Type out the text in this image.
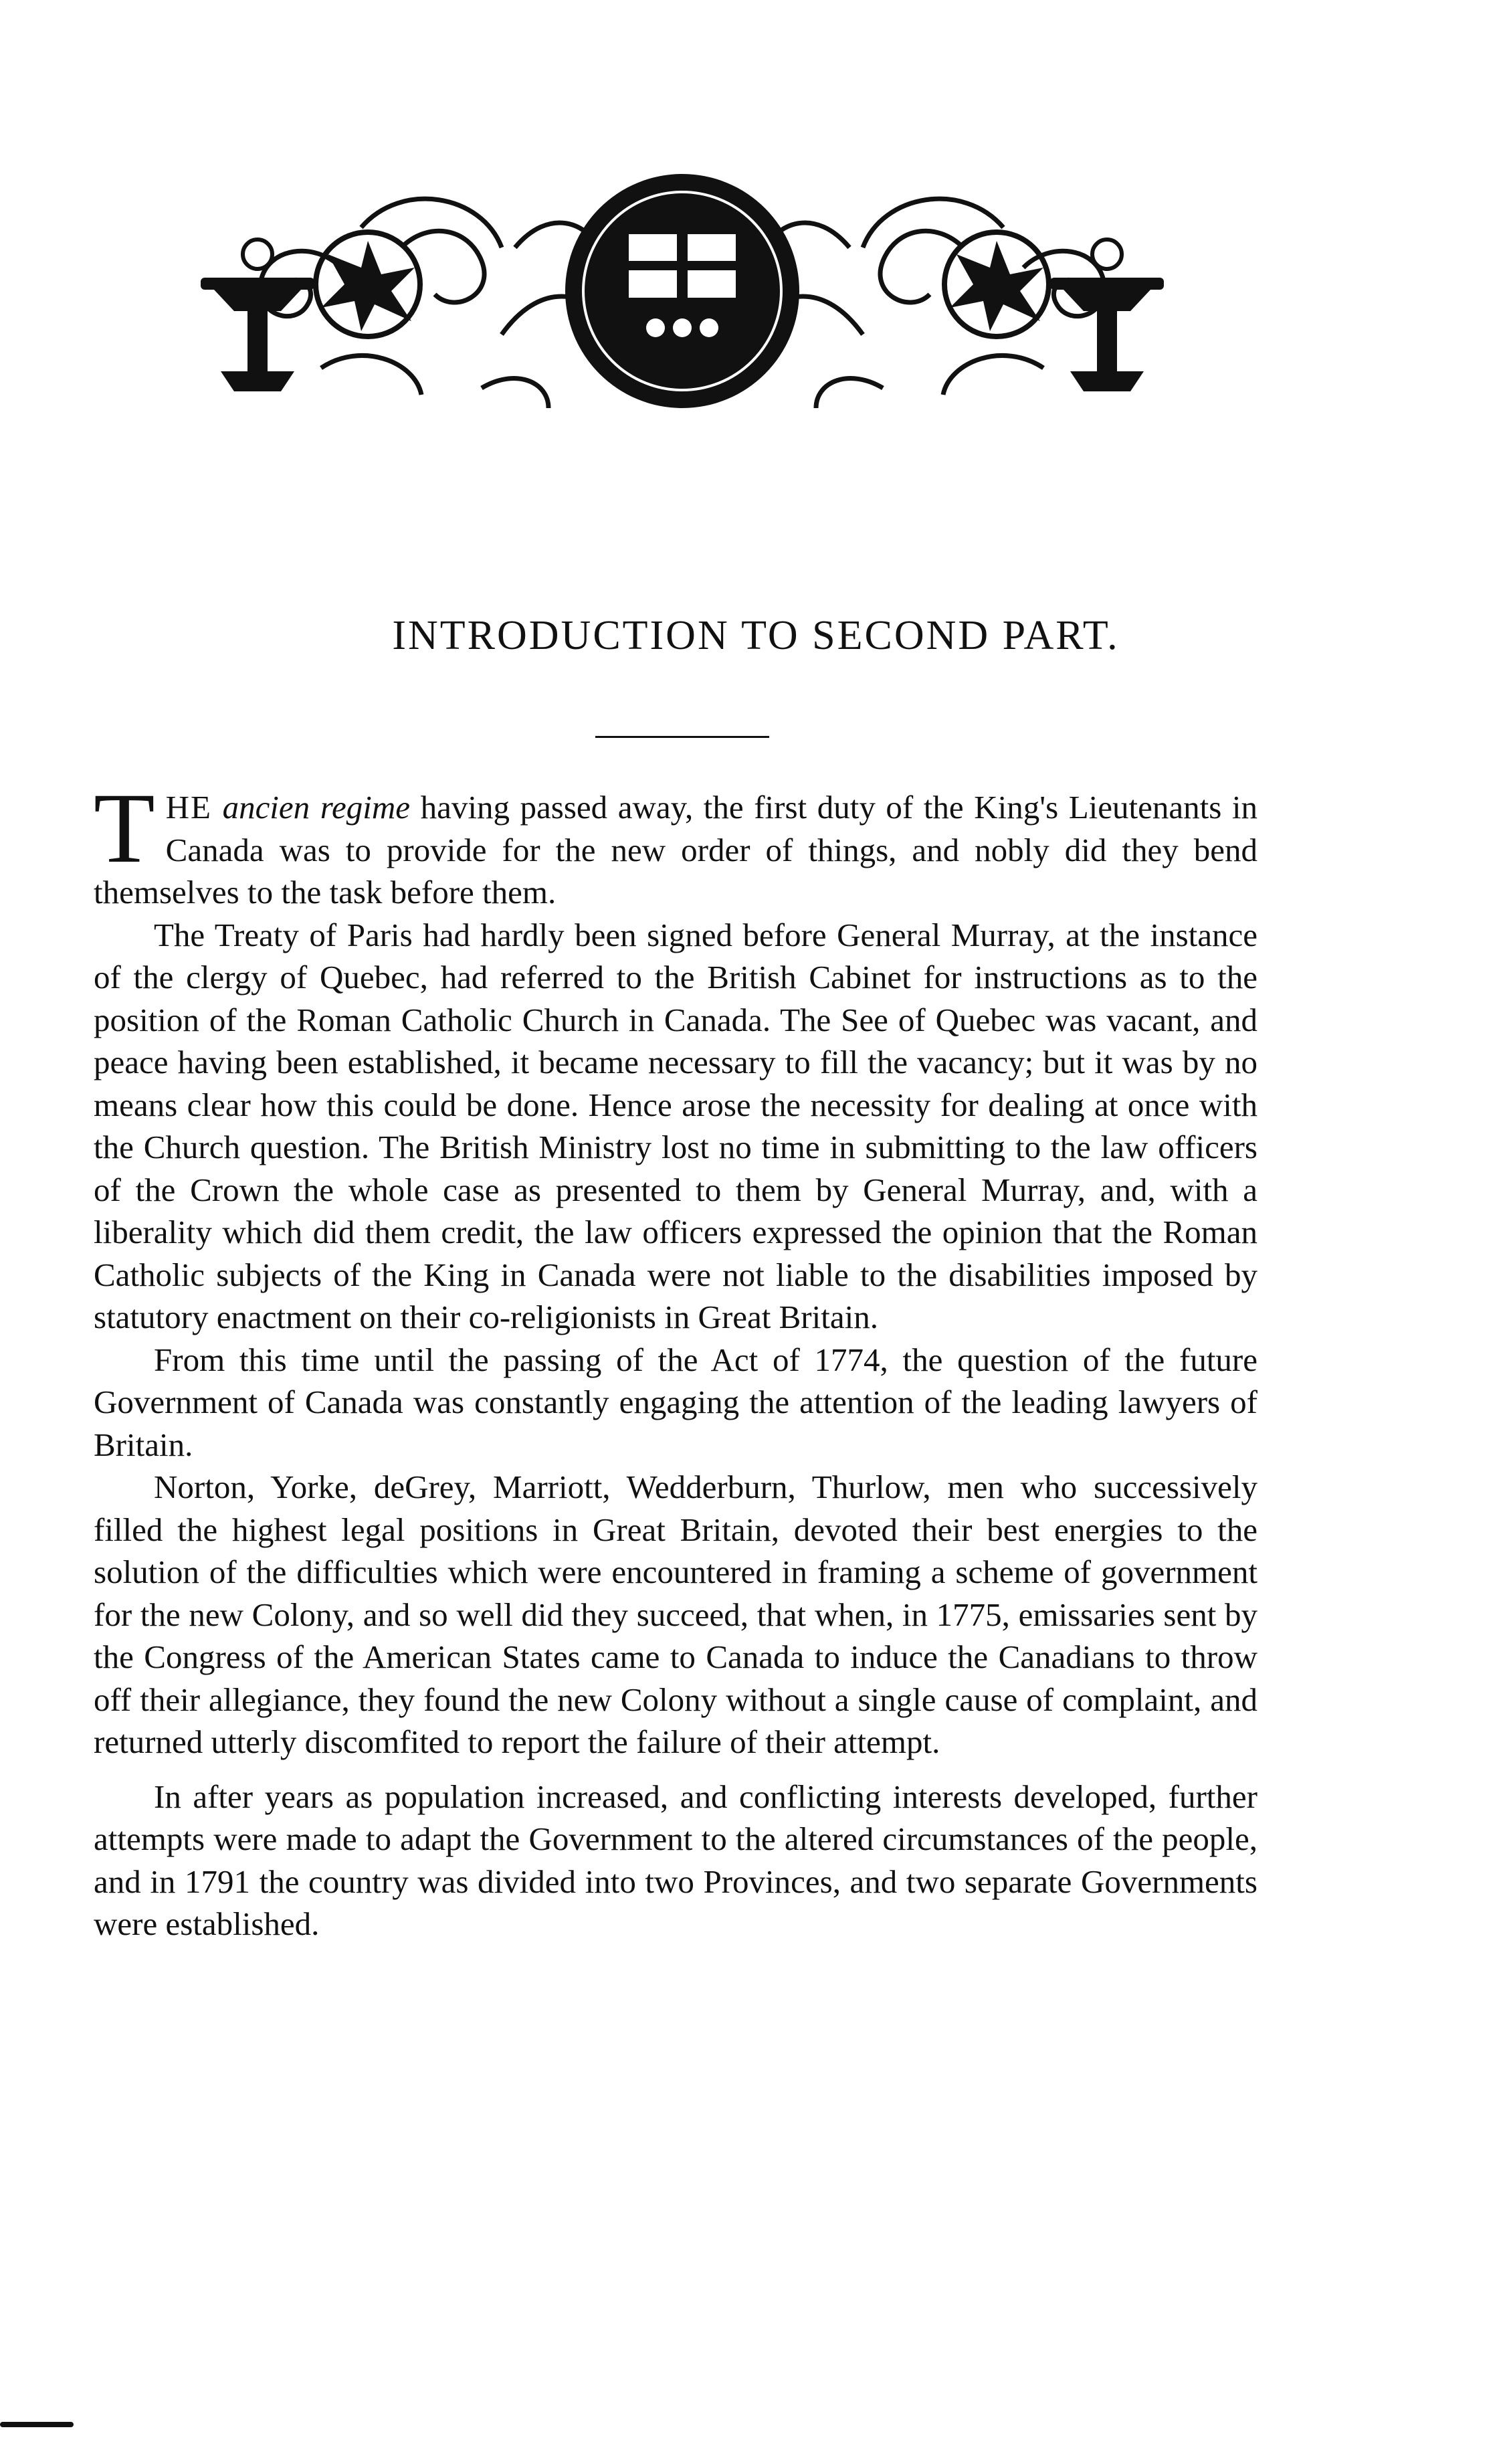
INTRODUCTION TO SECOND PART.

THE ancien regime having passed away, the first duty of the King's Lieutenants in Canada was to provide for the new order of things, and nobly did they bend themselves to the task before them.

The Treaty of Paris had hardly been signed before General Murray, at the instance of the clergy of Quebec, had referred to the British Cabinet for instructions as to the position of the Roman Catholic Church in Canada. The See of Quebec was vacant, and peace having been established, it became necessary to fill the vacancy; but it was by no means clear how this could be done. Hence arose the necessity for dealing at once with the Church question. The British Ministry lost no time in submitting to the law officers of the Crown the whole case as presented to them by General Murray, and, with a liberality which did them credit, the law officers expressed the opinion that the Roman Catholic subjects of the King in Canada were not liable to the disabilities imposed by statutory enactment on their co-religionists in Great Britain.

From this time until the passing of the Act of 1774, the question of the future Government of Canada was constantly engaging the attention of the leading lawyers of Britain.

Norton, Yorke, deGrey, Marriott, Wedderburn, Thurlow, men who successively filled the highest legal positions in Great Britain, devoted their best energies to the solution of the difficulties which were encountered in framing a scheme of government for the new Colony, and so well did they succeed, that when, in 1775, emissaries sent by the Congress of the American States came to Canada to induce the Canadians to throw off their allegiance, they found the new Colony without a single cause of complaint, and returned utterly discomfited to report the failure of their attempt.

In after years as population increased, and conflicting interests developed, further attempts were made to adapt the Government to the altered circumstances of the people, and in 1791 the country was divided into two Provinces, and two separate Governments were established.
